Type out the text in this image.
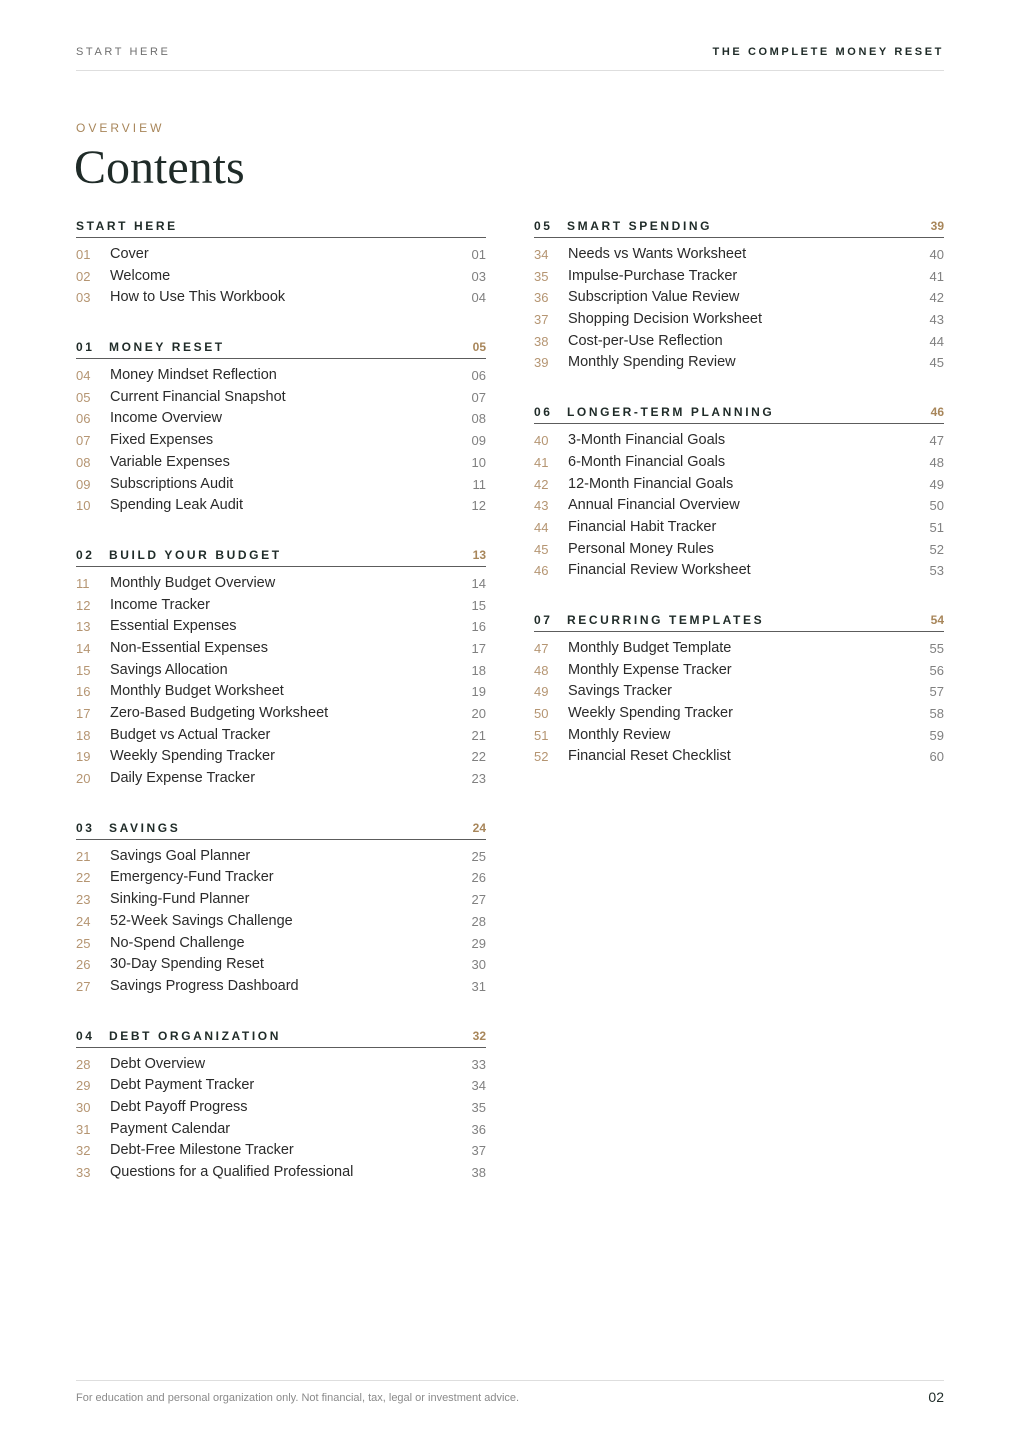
START HERE	THE COMPLETE MONEY RESET
OVERVIEW
Contents
START HERE
01 Cover	01
02 Welcome	03
03 How to Use This Workbook	04
01 MONEY RESET	05
04 Money Mindset Reflection	06
05 Current Financial Snapshot	07
06 Income Overview	08
07 Fixed Expenses	09
08 Variable Expenses	10
09 Subscriptions Audit	11
10 Spending Leak Audit	12
02 BUILD YOUR BUDGET	13
11 Monthly Budget Overview	14
12 Income Tracker	15
13 Essential Expenses	16
14 Non-Essential Expenses	17
15 Savings Allocation	18
16 Monthly Budget Worksheet	19
17 Zero-Based Budgeting Worksheet	20
18 Budget vs Actual Tracker	21
19 Weekly Spending Tracker	22
20 Daily Expense Tracker	23
03 SAVINGS	24
21 Savings Goal Planner	25
22 Emergency-Fund Tracker	26
23 Sinking-Fund Planner	27
24 52-Week Savings Challenge	28
25 No-Spend Challenge	29
26 30-Day Spending Reset	30
27 Savings Progress Dashboard	31
04 DEBT ORGANIZATION	32
28 Debt Overview	33
29 Debt Payment Tracker	34
30 Debt Payoff Progress	35
31 Payment Calendar	36
32 Debt-Free Milestone Tracker	37
33 Questions for a Qualified Professional	38
05 SMART SPENDING	39
34 Needs vs Wants Worksheet	40
35 Impulse-Purchase Tracker	41
36 Subscription Value Review	42
37 Shopping Decision Worksheet	43
38 Cost-per-Use Reflection	44
39 Monthly Spending Review	45
06 LONGER-TERM PLANNING	46
40 3-Month Financial Goals	47
41 6-Month Financial Goals	48
42 12-Month Financial Goals	49
43 Annual Financial Overview	50
44 Financial Habit Tracker	51
45 Personal Money Rules	52
46 Financial Review Worksheet	53
07 RECURRING TEMPLATES	54
47 Monthly Budget Template	55
48 Monthly Expense Tracker	56
49 Savings Tracker	57
50 Weekly Spending Tracker	58
51 Monthly Review	59
52 Financial Reset Checklist	60
For education and personal organization only. Not financial, tax, legal or investment advice.	02
